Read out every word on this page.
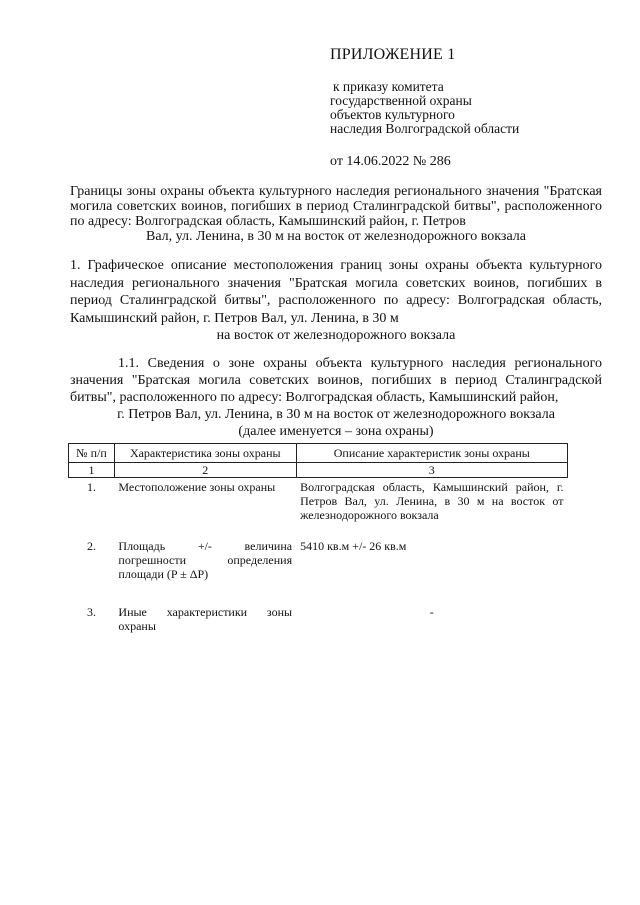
ПРИЛОЖЕНИЕ 1
к приказу комитета
государственной охраны
объектов культурного
наследия Волгоградской области
от 14.06.2022 № 286
Границы зоны охраны объекта культурного наследия регионального значения "Братская могила советских воинов, погибших в период Сталинградской битвы", расположенного по адресу: Волгоградская область, Камышинский район, г. Петров
Вал, ул. Ленина, в 30 м на восток от железнодорожного вокзала
1. Графическое описание местоположения границ зоны охраны объекта культурного наследия регионального значения "Братская могила советских воинов, погибших в период Сталинградской битвы", расположенного по адресу: Волгоградская область, Камышинский район, г. Петров Вал, ул. Ленина, в 30 м
на восток от железнодорожного вокзала
1.1. Сведения о зоне охраны объекта культурного наследия регионального значения "Братская могила советских воинов, погибших в период Сталинградской битвы", расположенного по адресу: Волгоградская область, Камышинский район,
г. Петров Вал, ул. Ленина, в 30 м на восток от железнодорожного вокзала
(далее именуется – зона охраны)
№ п/п	Характеристика зоны охраны	Описание характеристик зоны охраны
1	2	3
1.	Местоположение зоны охраны	Волгоградская область, Камышинский район, г. Петров Вал, ул. Ленина, в 30 м на восток от железнодорожного вокзала
2.	Площадь +/- величина погрешности определения площади (P ± ΔP)	5410 кв.м +/- 26 кв.м
3.	Иные характеристики зоны охраны	-
